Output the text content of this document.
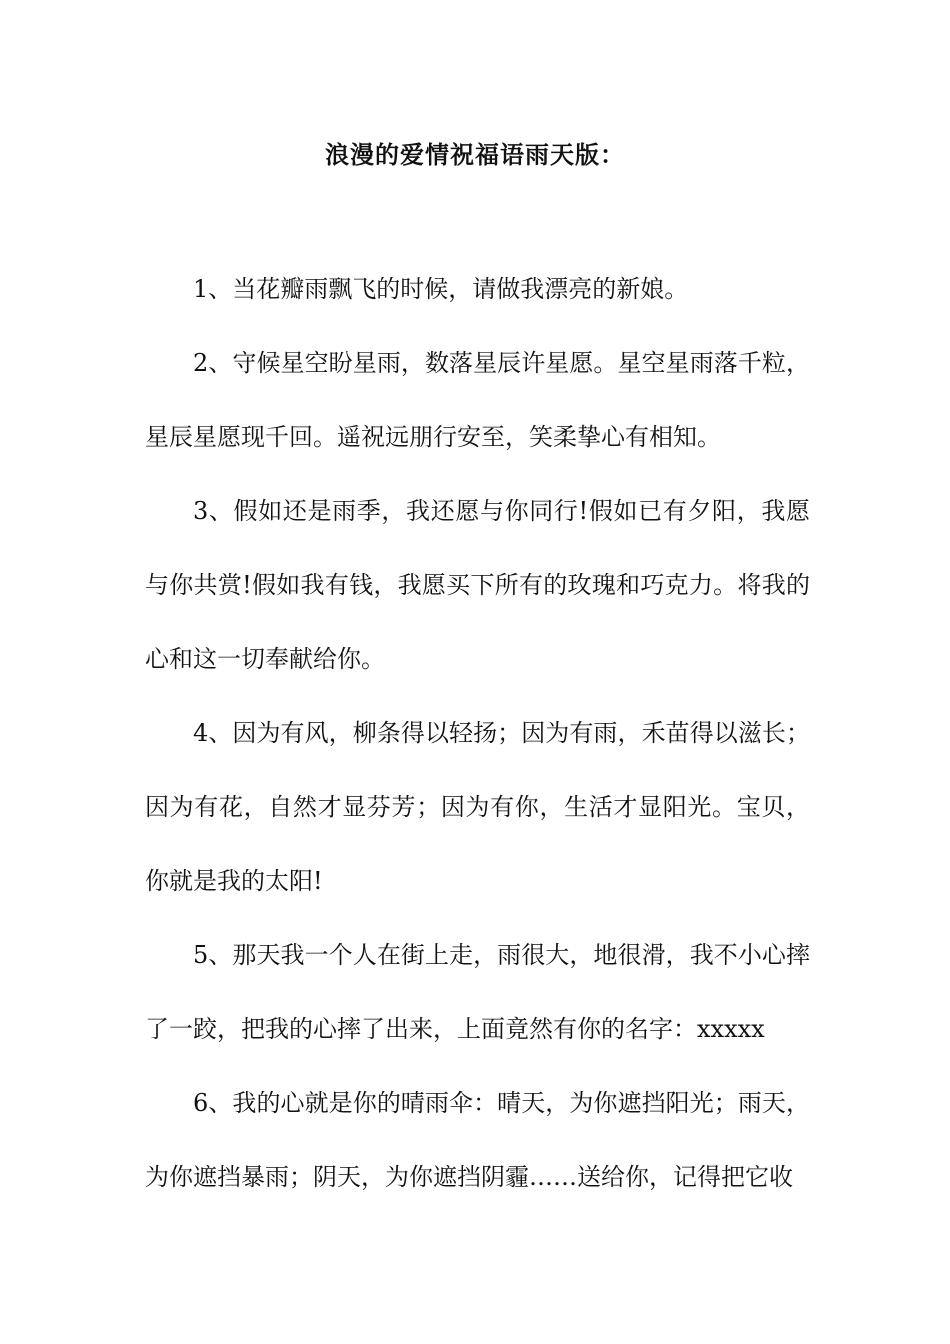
浪漫的爱情祝福语雨天版：

1、当花瓣雨飘飞的时候，请做我漂亮的新娘。

2、守候星空盼星雨，数落星辰许星愿。星空星雨落千粒，星辰星愿现千回。遥祝远朋行安至，笑柔挚心有相知。

3、假如还是雨季，我还愿与你同行!假如已有夕阳，我愿与你共赏!假如我有钱，我愿买下所有的玫瑰和巧克力。将我的心和这一切奉献给你。

4、因为有风，柳条得以轻扬；因为有雨，禾苗得以滋长；因为有花，自然才显芬芳；因为有你，生活才显阳光。宝贝，你就是我的太阳!

5、那天我一个人在街上走，雨很大，地很滑，我不小心摔了一跤，把我的心摔了出来，上面竟然有你的名字：xxxxx

6、我的心就是你的晴雨伞：晴天，为你遮挡阳光；雨天，为你遮挡暴雨；阴天，为你遮挡阴霾……送给你，记得把它收
